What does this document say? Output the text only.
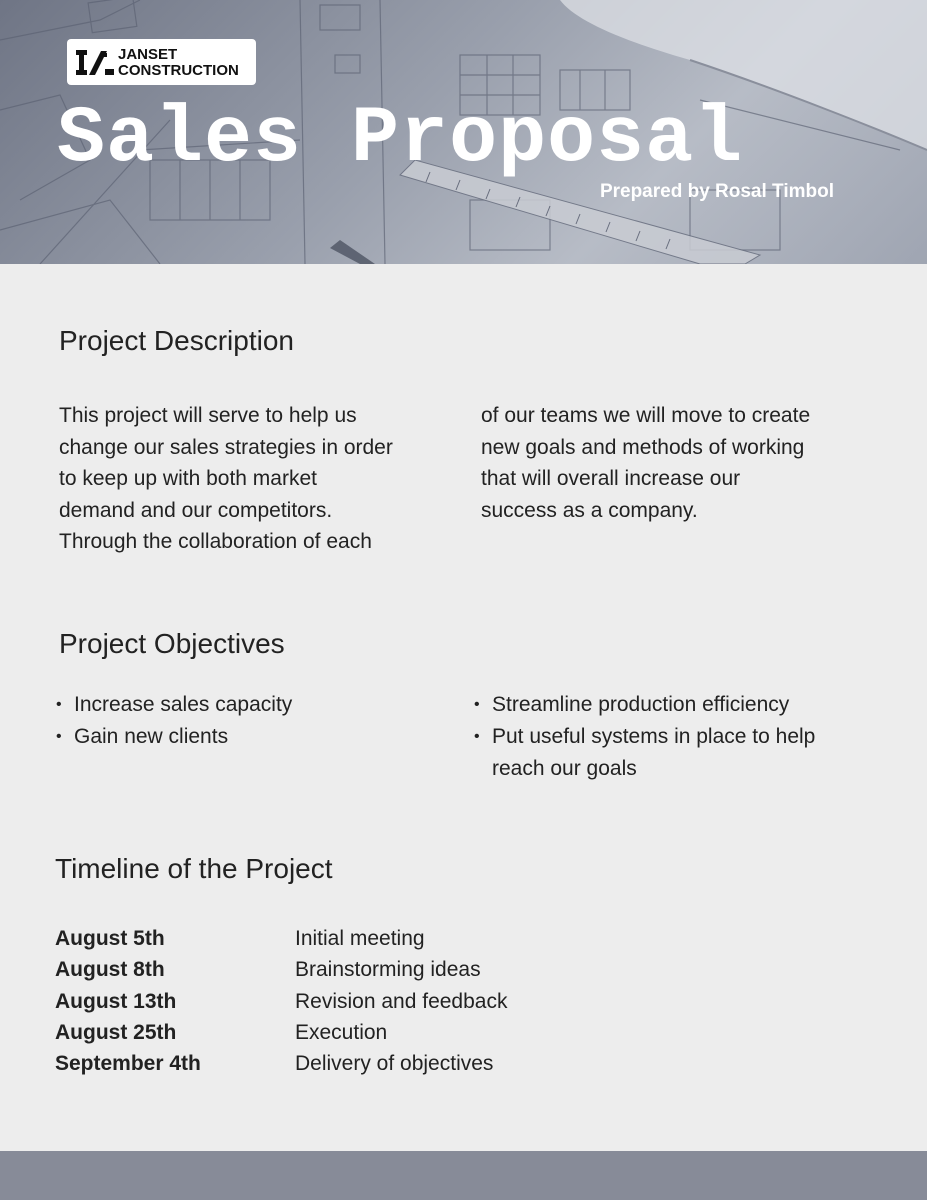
JANSET
CONSTRUCTION
Sales Proposal
Prepared by Rosal Timbol
Project Description
This project will serve to help us
change our sales strategies in order
to keep up with both market
demand and our competitors.
Through the collaboration of each
of our teams we will move to create
new goals and methods of working
that will overall increase our
success as a company.
Project Objectives
• Increase sales capacity
• Gain new clients
• Streamline production efficiency
• Put useful systems in place to help
reach our goals
Timeline of the Project
August 5th	Initial meeting
August 8th	Brainstorming ideas
August 13th	Revision and feedback
August 25th	Execution
September 4th	Delivery of objectives
